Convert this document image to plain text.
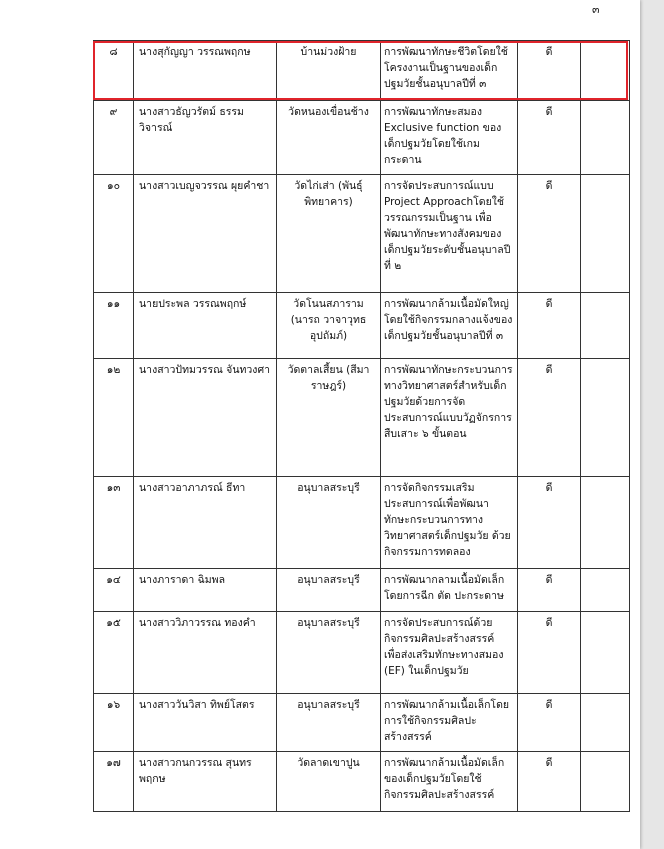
๓
๘	นางสุกัญญา วรรณพฤกษ	บ้านม่วงฝ้าย	การพัฒนาทักษะชีวิตโดยใช้โครงงานเป็นฐานของเด็กปฐมวัยชั้นอนุบาลปีที่ ๓	ดี	
๙	นางสาวธัญวรัตม์ ธรรมวิจารณ์	วัดหนองเขื่อนช้าง	การพัฒนาทักษะสมอง Exclusive function ของเด็กปฐมวัยโดยใช้เกมกระดาน	ดี	
๑๐	นางสาวเบญจวรรณ ผุยคำชา	วัดไก่เส่า (พันธุ์พิทยาคาร)	การจัดประสบการณ์แบบ Project Approachโดยใช้วรรณกรรมเป็นฐาน เพื่อพัฒนาทักษะทางสังคมของเด็กปฐมวัยระดับชั้นอนุบาลปีที่ ๒	ดี	
๑๑	นายประพล วรรณพฤกษ์	วัดโนนสภาราม (นารถ วาจาวุทธอุปถัมภ์)	การพัฒนากล้ามเนื้อมัดใหญ่โดยใช้กิจกรรมกลางแจ้งของเด็กปฐมวัยชั้นอนุบาลปีที่ ๓	ดี	
๑๒	นางสาวปัทมวรรณ จันทวงศา	วัดตาลเสี้ยน (สีมาราษฎร์)	การพัฒนาทักษะกระบวนการทางวิทยาศาสตร์สำหรับเด็กปฐมวัยด้วยการจัดประสบการณ์แบบวัฏจักรการสืบเสาะ ๖ ขั้นตอน	ดี	
๑๓	นางสาวอาภาภรณ์ ธีทา	อนุบาลสระบุรี	การจัดกิจกรรมเสริมประสบการณ์เพื่อพัฒนาทักษะกระบวนการทางวิทยาศาสตร์เด็กปฐมวัย ด้วยกิจกรรมการทดลอง	ดี	
๑๔	นางภาราดา ฉิมพล	อนุบาลสระบุรี	การพัฒนากลามเนื้อมัดเล็กโดยการฉีก ตัด ปะกระดาษ	ดี	
๑๕	นางสาววิภาวรรณ ทองคำ	อนุบาลสระบุรี	การจัดประสบการณ์ด้วยกิจกรรมศิลปะสร้างสรรค์ เพื่อส่งเสริมทักษะทางสมอง (EF) ในเด็กปฐมวัย	ดี	
๑๖	นางสาววันวิสา ทิพย์โสตร	อนุบาลสระบุรี	การพัฒนากล้ามเนื้อเล็กโดยการใช้กิจกรรมศิลปะสร้างสรรค์	ดี	
๑๗	นางสาวกนกวรรณ สุนทรพฤกษ	วัดลาดเขาปูน	การพัฒนากล้ามเนื้อมัดเล็กของเด็กปฐมวัยโดยใช้กิจกรรมศิลปะสร้างสรรค์	ดี	
